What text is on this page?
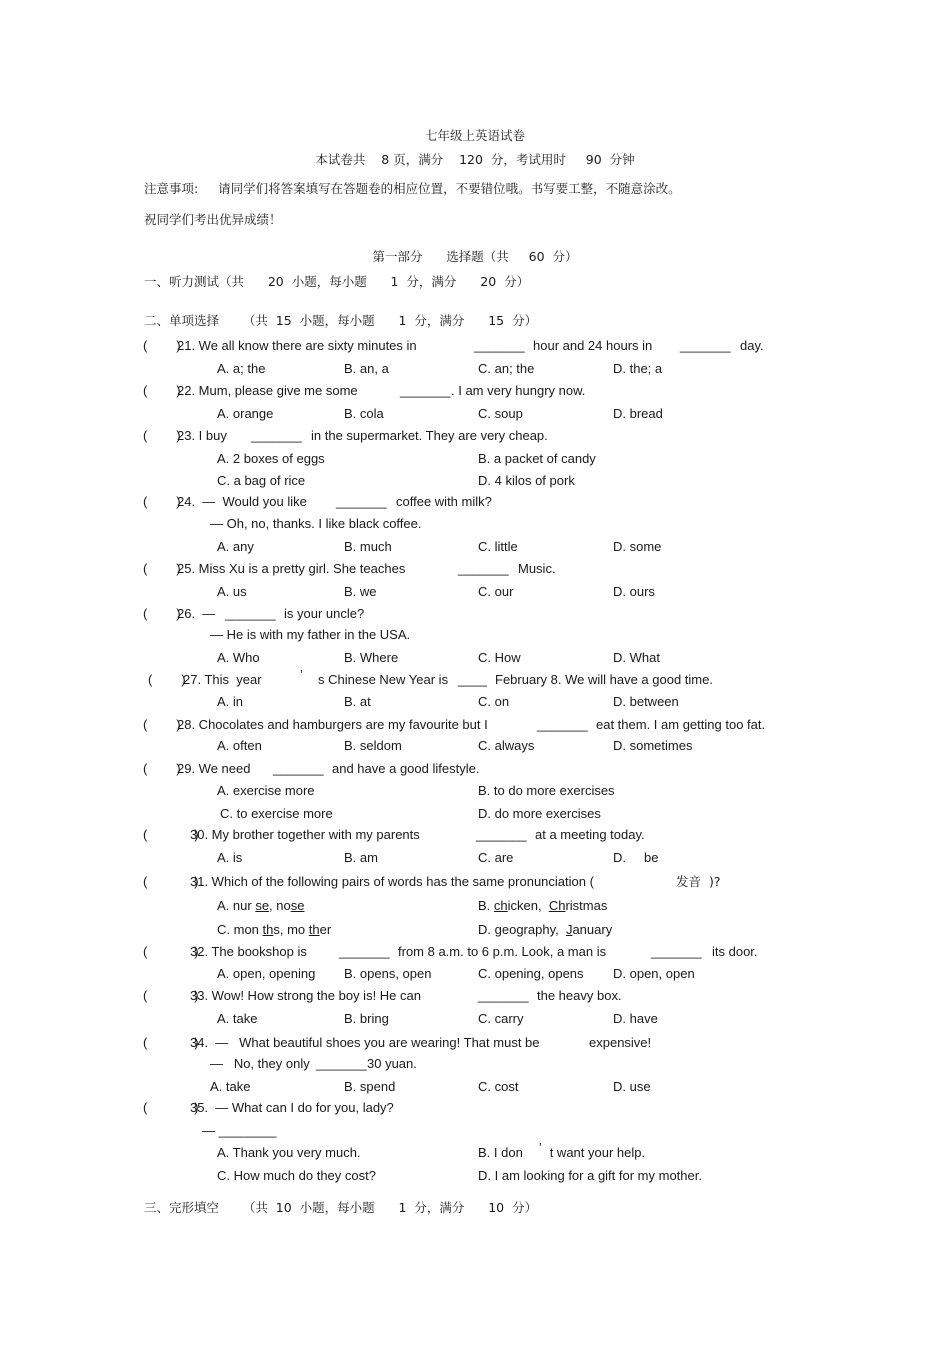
七年级上英语试卷
本试卷共    8 页，满分    120  分，考试用时     90  分钟
注意事项:     请同学们将答案填写在答题卷的相应位置，不要错位哦。书写要工整，不随意涂改。
祝同学们考出优异成绩！
第一部分      选择题（共     60  分）
一、听力测试（共      20  小题，每小题      1  分，满分      20  分）
二、单项选择      （共  15  小题，每小题      1  分，满分      15  分）
(        )
21. We all know there are sixty minutes in	_______ hour and 24 hours in _______ day.
A. a; the	B. an, a	C. an; the	D. the; a
(        )
22. Mum, please give me some	_______ . I am very hungry now.
A. orange	B. cola	C. soup	D. bread
(        )
23. I buy _______ in the supermarket. They are very cheap.
A. 2 boxes of eggs	B. a packet of candy
C. a bag of rice	D. 4 kilos of pork
(        )
24.  —  Would you like _______ coffee with milk?
— Oh, no, thanks. I like black coffee.
A. any	B. much	C. little	D. some
(        )
25. Miss Xu is a pretty girl. She teaches	_______ Music.
A. us	B. we	C. our	D. ours
(        )
26.  — _______ is your uncle?
— He is with my father in the USA.
A. Who	B. Where	C. How	D. What
(        )
27. This  year	’ s Chinese New Year is ____ February 8. We will have a good time.
A. in	B. at	C. on	D. between
(        )
28. Chocolates and hamburgers are my favourite but I	_______ eat them. I am getting too fat.
A. often	B. seldom	C. always	D. sometimes
(        )
29. We need _______ and have a good lifestyle.
A. exercise more	B. to do more exercises
C. to exercise more	D. do more exercises
(             )
30. My brother together with my parents	_______ at a meeting today.
A. is	B. am	C. are	D.     be
(             )
31. Which of the following pairs of words has the same pronunciation (	发音  )?
A. nur se, nose	B. chicken,  Christmas
C. mon ths, mo ther	D. geography,  January
(             )
32. The bookshop is _______ from 8 a.m. to 6 p.m. Look, a man is	_______ its door.
A. open, opening B. opens, open	C. opening, opens D. open, open
(             )
33. Wow! How strong the boy is! He can	_______ the heavy box.
A. take	B. bring	C. carry	D. have
(             )
34.  —   What beautiful shoes you are wearing! That must be	expensive!
—   No, they only _______ 30 yuan.
A. take	B. spend	C. cost	D. use
(             )
35.  — What can I do for you, lady?
— ________
A. Thank you very much.	B. I don ’ t want your help.
C. How much do they cost?	D. I am looking for a gift for my mother.
三、完形填空      （共  10  小题，每小题      1  分，满分      10  分）
